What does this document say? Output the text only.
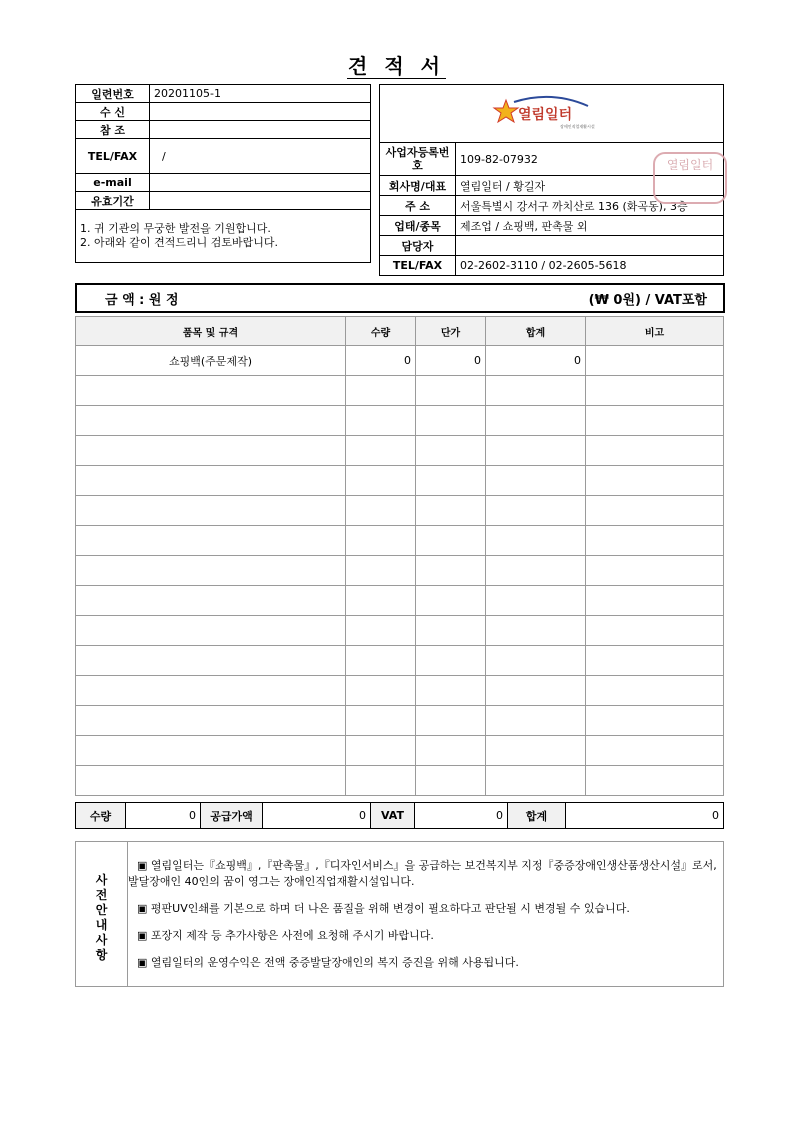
견 적 서
일련번호	20201105-1
수 신	
참 조	
TEL/FAX	/
e-mail	
유효기간	

1. 귀 기관의 무궁한 발전을 기원합니다.
2. 아래와 같이 견적드리니 검토바랍니다.	
열림일터
장애인직업재활시설	

사업자등록번호	109-82-07932
회사명/대표	열림일터 / 황길자
주 소	서울특별시 강서구 까치산로 136 (화곡동), 3층
업태/종목	제조업 / 쇼핑백, 판촉물 외
담당자	
TEL/FAX	02-2602-3110 / 02-2605-5618
열림일터
금 액 : 원 정	(₩ 0원) / VAT포함
품목 및 규격	수량	단가	합계	비고
쇼핑백(주문제작)	0	0	0	

수량	0	공급가액	0	VAT	0	합계	0
사
전
안
내
사
항

▣ 열림일터는『쇼핑백』,『판촉물』,『디자인서비스』을 공급하는 보건복지부 지정『중증장애인생산품생산시설』로서, 발달장애인 40인의 꿈이 영그는 장애인직업재활시설입니다.

▣ 평판UV인쇄를 기본으로 하며 더 나은 품질을 위해 변경이 필요하다고 판단될 시 변경될 수 있습니다.

▣ 포장지 제작 등 추가사항은 사전에 요청해 주시기 바랍니다.

▣ 열림일터의 운영수익은 전액 중증발달장애인의 복지 증진을 위해 사용됩니다.
